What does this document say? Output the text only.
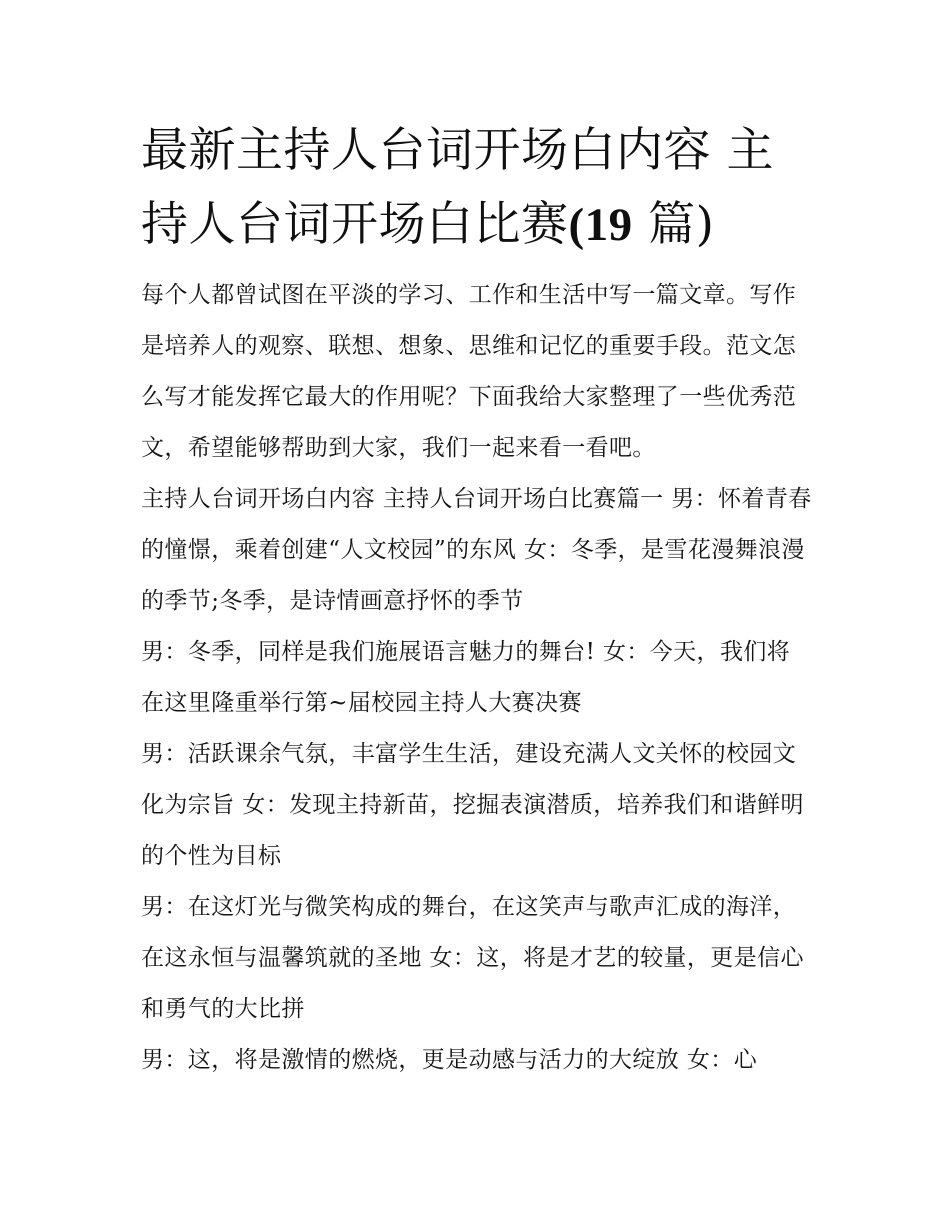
最新主持人台词开场白内容 主持人台词开场白比赛(19 篇)

每个人都曾试图在平淡的学习、工作和生活中写一篇文章。写作是培养人的观察、联想、想象、思维和记忆的重要手段。范文怎么写才能发挥它最大的作用呢？下面我给大家整理了一些优秀范文，希望能够帮助到大家，我们一起来看一看吧。

主持人台词开场白内容 主持人台词开场白比赛篇一 男：怀着青春的憧憬，乘着创建“人文校园”的东风 女：冬季，是雪花漫舞浪漫的季节;冬季，是诗情画意抒怀的季节

男：冬季，同样是我们施展语言魅力的舞台! 女：今天，我们将在这里隆重举行第~届校园主持人大赛决赛

男：活跃课余气氛，丰富学生生活，建设充满人文关怀的校园文化为宗旨 女：发现主持新苗，挖掘表演潜质，培养我们和谐鲜明的个性为目标

男：在这灯光与微笑构成的舞台，在这笑声与歌声汇成的海洋，在这永恒与温馨筑就的圣地 女：这，将是才艺的较量，更是信心和勇气的大比拼

男：这，将是激情的燃烧，更是动感与活力的大绽放 女：心
